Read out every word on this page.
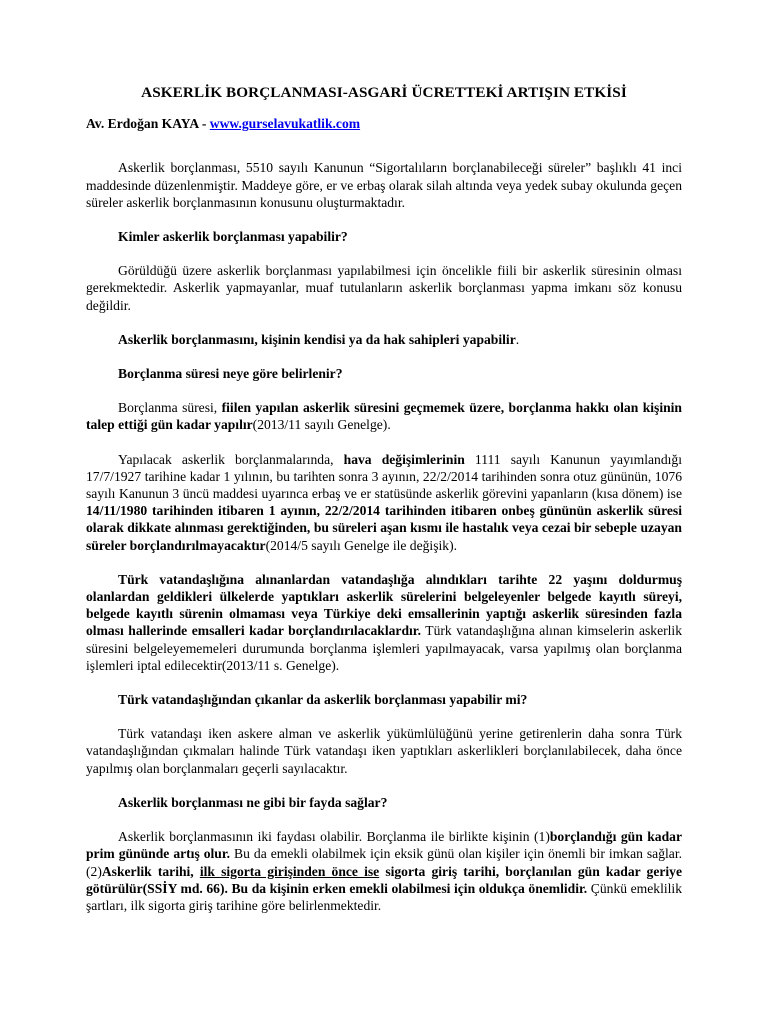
ASKERLİK BORÇLANMASI-ASGARİ ÜCRETTEKİ ARTIŞIN ETKİSİ
Av. Erdoğan KAYA - www.gurselavukatlik.com

Askerlik borçlanması, 5510 sayılı Kanunun “Sigortalıların borçlanabileceği süreler” başlıklı 41 inci maddesinde düzenlenmiştir. Maddeye göre, er ve erbaş olarak silah altında veya yedek subay okulunda geçen süreler askerlik borçlanmasının konusunu oluşturmaktadır.

Kimler askerlik borçlanması yapabilir?

Görüldüğü üzere askerlik borçlanması yapılabilmesi için öncelikle fiili bir askerlik süresinin olması gerekmektedir. Askerlik yapmayanlar, muaf tutulanların askerlik borçlanması yapma imkanı söz konusu değildir.

Askerlik borçlanmasını, kişinin kendisi ya da hak sahipleri yapabilir.

Borçlanma süresi neye göre belirlenir?

Borçlanma süresi, fiilen yapılan askerlik süresini geçmemek üzere, borçlanma hakkı olan kişinin talep ettiği gün kadar yapılır(2013/11 sayılı Genelge).

Yapılacak askerlik borçlanmalarında, hava değişimlerinin 1111 sayılı Kanunun yayımlandığı 17/7/1927 tarihine kadar 1 yılının, bu tarihten sonra 3 ayının, 22/2/2014 tarihinden sonra otuz gününün, 1076 sayılı Kanunun 3 üncü maddesi uyarınca erbaş ve er statüsünde askerlik görevini yapanların (kısa dönem) ise 14/11/1980 tarihinden itibaren 1 ayının, 22/2/2014 tarihinden itibaren onbeş gününün askerlik süresi olarak dikkate alınması gerektiğinden, bu süreleri aşan kısmı ile hastalık veya cezai bir sebeple uzayan süreler borçlandırılmayacaktır(2014/5 sayılı Genelge ile değişik).

Türk vatandaşlığına alınanlardan vatandaşlığa alındıkları tarihte 22 yaşını doldurmuş olanlardan geldikleri ülkelerde yaptıkları askerlik sürelerini belgeleyenler belgede kayıtlı süreyi, belgede kayıtlı sürenin olmaması veya Türkiye deki emsallerinin yaptığı askerlik süresinden fazla olması hallerinde emsalleri kadar borçlandırılacaklardır. Türk vatandaşlığına alınan kimselerin askerlik süresini belgeleyememeleri durumunda borçlanma işlemleri yapılmayacak, varsa yapılmış olan borçlanma işlemleri iptal edilecektir(2013/11 s. Genelge).

Türk vatandaşlığından çıkanlar da askerlik borçlanması yapabilir mi?

Türk vatandaşı iken askere alman ve askerlik yükümlülüğünü yerine getirenlerin daha sonra Türk vatandaşlığından çıkmaları halinde Türk vatandaşı iken yaptıkları askerlikleri borçlanılabilecek, daha önce yapılmış olan borçlanmaları geçerli sayılacaktır.

Askerlik borçlanması ne gibi bir fayda sağlar?

Askerlik borçlanmasının iki faydası olabilir. Borçlanma ile birlikte kişinin (1)borçlandığı gün kadar prim gününde artış olur. Bu da emekli olabilmek için eksik günü olan kişiler için önemli bir imkan sağlar. (2)Askerlik tarihi, ilk sigorta girişinden önce ise sigorta giriş tarihi, borçlanılan gün kadar geriye götürülür(SSİY md. 66). Bu da kişinin erken emekli olabilmesi için oldukça önemlidir. Çünkü emeklilik şartları, ilk sigorta giriş tarihine göre belirlenmektedir.
